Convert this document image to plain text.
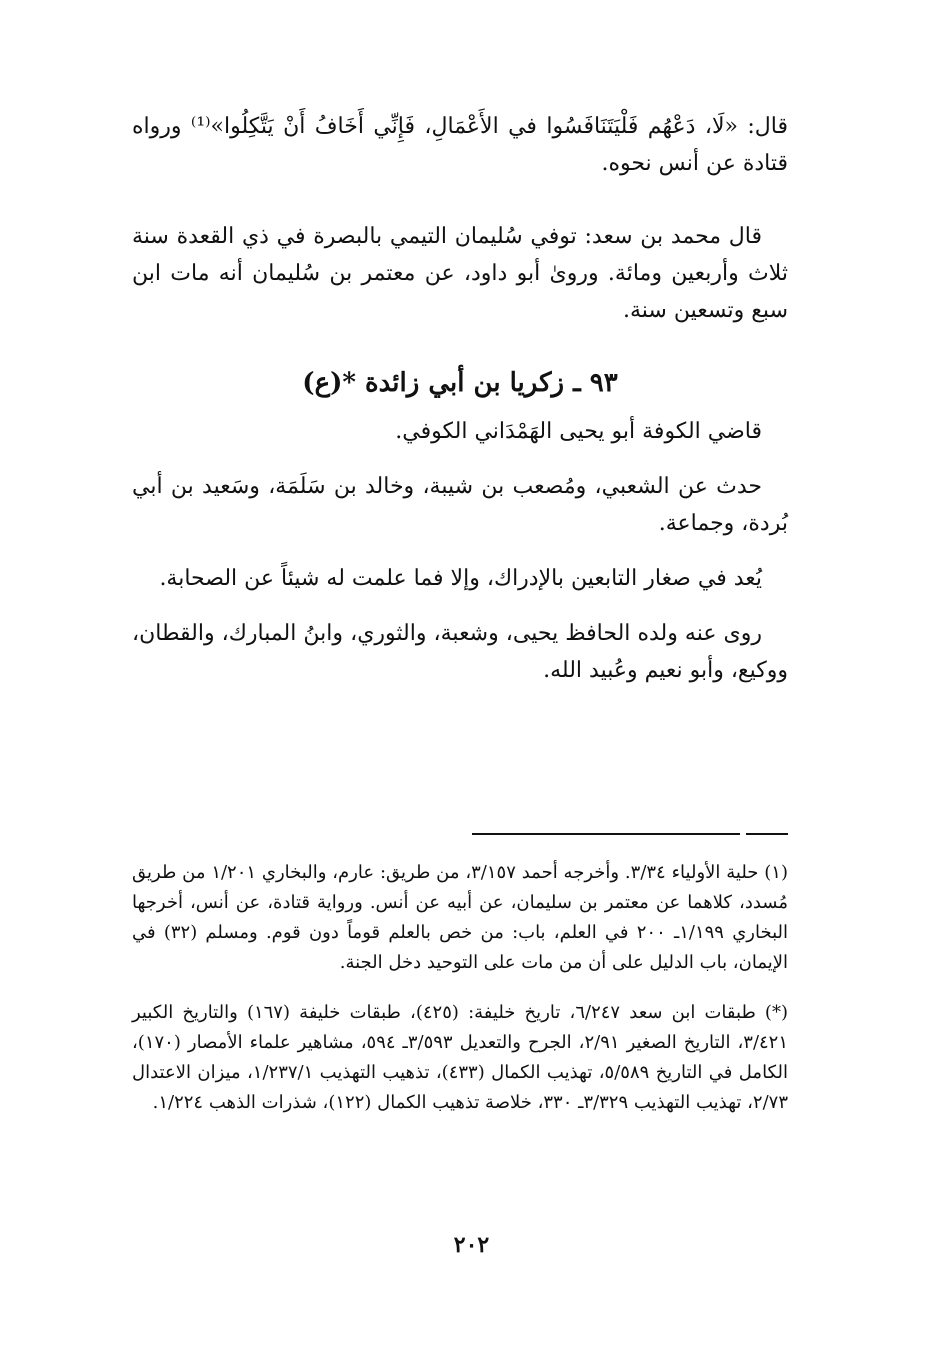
قال: «لَا، دَعْهُم فَلْيَتَنَافَسُوا في الأَعْمَالِ، فَإِنِّي أَخَافُ أَنْ يَتَّكِلُوا»⁽¹⁾ ورواه قتادة عن أنس نحوه.

قال محمد بن سعد: توفي سُليمان التيمي بالبصرة في ذي القعدة سنة ثلاث وأربعين ومائة. وروىٰ أبو داود، عن معتمر بن سُليمان أنه مات ابن سبع وتسعين سنة.

٩٣ ـ زكريا بن أبي زائدة *(ع)

قاضي الكوفة أبو يحيى الهَمْدَاني الكوفي.

حدث عن الشعبي، ومُصعب بن شيبة، وخالد بن سَلَمَة، وسَعيد بن أبي بُردة، وجماعة.

يُعد في صغار التابعين بالإدراك، وإلا فما علمت له شيئاً عن الصحابة.

روى عنه ولده الحافظ يحيى، وشعبة، والثوري، وابنُ المبارك، والقطان، ووكيع، وأبو نعيم وعُبيد الله.

(١) حلية الأولياء ٣/٣٤. وأخرجه أحمد ٣/١٥٧، من طريق: عارم، والبخاري ١/٢٠١ من طريق مُسدد، كلاهما عن معتمر بن سليمان، عن أبيه عن أنس. ورواية قتادة، عن أنس، أخرجها البخاري ١/١٩٩ـ ٢٠٠ في العلم، باب: من خص بالعلم قوماً دون قوم. ومسلم (٣٢) في الإيمان، باب الدليل على أن من مات على التوحيد دخل الجنة.

(*) طبقات ابن سعد ٦/٢٤٧، تاريخ خليفة: (٤٢٥)، طبقات خليفة (١٦٧) والتاريخ الكبير ٣/٤٢١، التاريخ الصغير ٢/٩١، الجرح والتعديل ٣/٥٩٣ـ ٥٩٤، مشاهير علماء الأمصار (١٧٠)، الكامل في التاريخ ٥/٥٨٩، تهذيب الكمال (٤٣٣)، تذهيب التهذيب ١/٢٣٧/١، ميزان الاعتدال ٢/٧٣، تهذيب التهذيب ٣/٣٢٩ـ ٣٣٠، خلاصة تذهيب الكمال (١٢٢)، شذرات الذهب ١/٢٢٤.

٢٠٢
